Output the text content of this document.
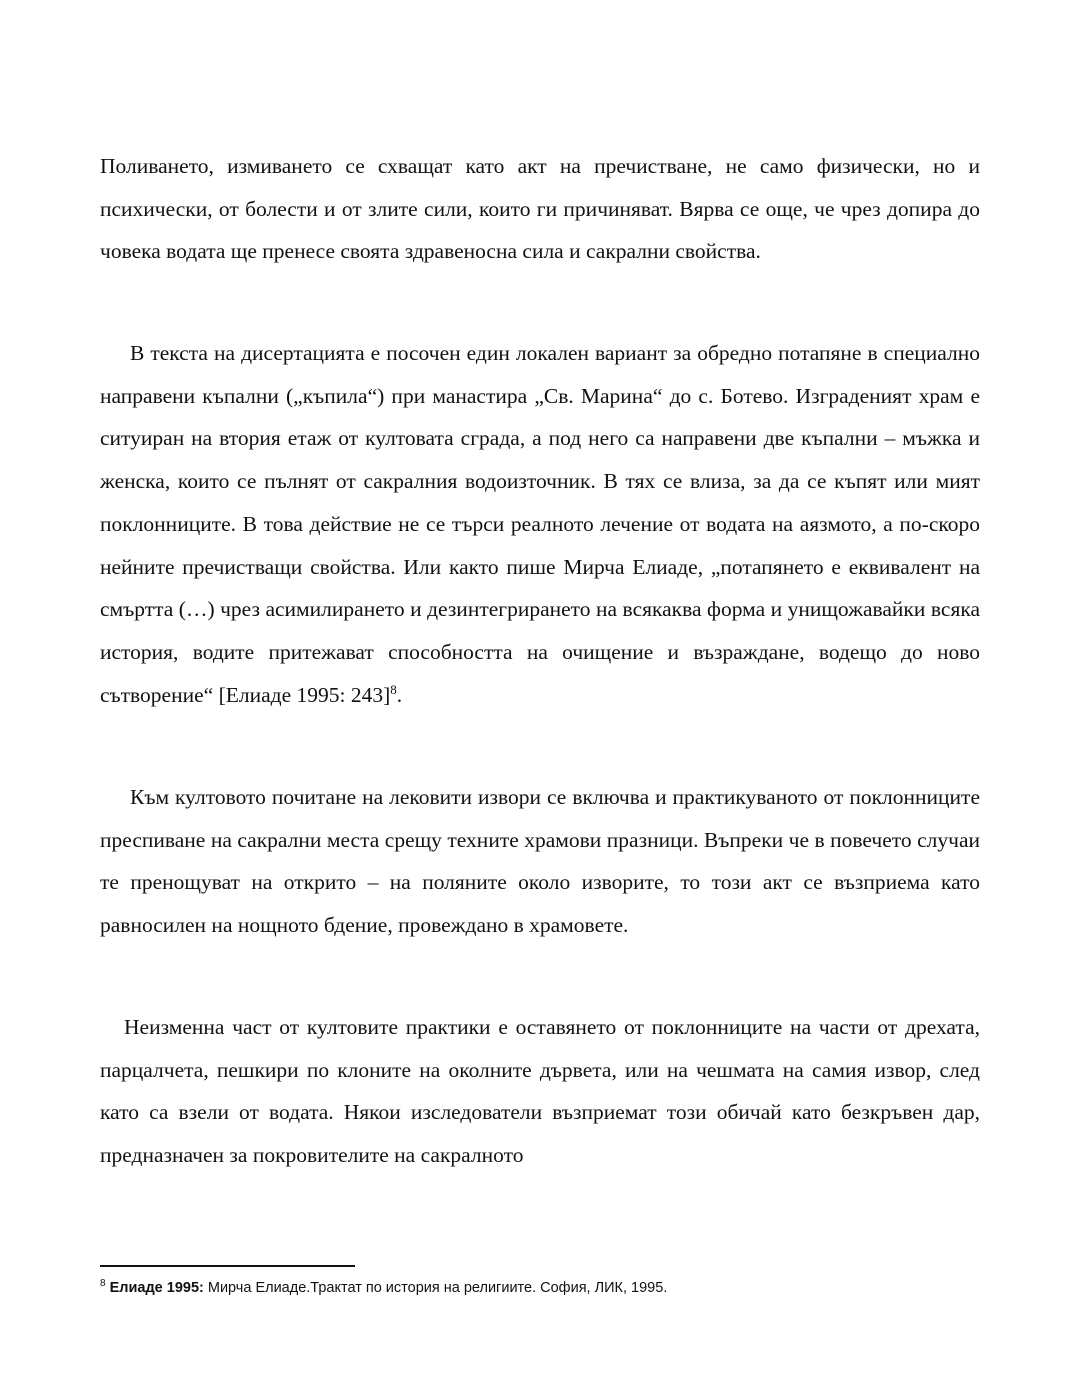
Поливането, измиването се схващат като акт на пречистване, не само физически, но и психически, от болести и от злите сили, които ги причиняват. Вярва се още, че чрез допира до човека водата ще пренесе своята здравеносна сила и сакрални свойства.

В текста на дисертацията е посочен един локален вариант за обредно потапяне в специално направени къпални („къпила“) при манастира „Св. Марина“ до с. Ботево. Изграденият храм е ситуиран на втория етаж от култовата сграда, а под него са направени две къпални – мъжка и женска, които се пълнят от сакралния водоизточник. В тях се влиза, за да се къпят или мият поклонниците. В това действие не се търси реалното лечение от водата на аязмото, а по-скоро нейните пречистващи свойства. Или както пише Мирча Елиаде, „потапянето е еквивалент на смъртта (…) чрез асимилирането и дезинтегрирането на всякаква форма и унищожавайки всяка история, водите притежават способността на очищение и възраждане, водещо до ново сътворение“ [Елиаде 1995: 243]$^8$.

Към култовото почитане на лековити извори се включва и практикуваното от поклонниците преспиване на сакрални места срещу техните храмови празници. Въпреки че в повечето случаи те пренощуват на открито – на поляните около изворите, то този акт се възприема като равносилен на нощното бдение, провеждано в храмовете.

Неизменна част от култовите практики е оставянето от поклонниците на части от дрехата, парцалчета, пешкири по клоните на околните дървета, или на чешмата на самия извор, след като са взели от водата. Някои изследователи възприемат този обичай като безкръвен дар, предназначен за покровителите на сакралното

$^8$ Елиаде 1995: Мирча Елиаде.Трактат по история на религиите. София, ЛИК, 1995.
